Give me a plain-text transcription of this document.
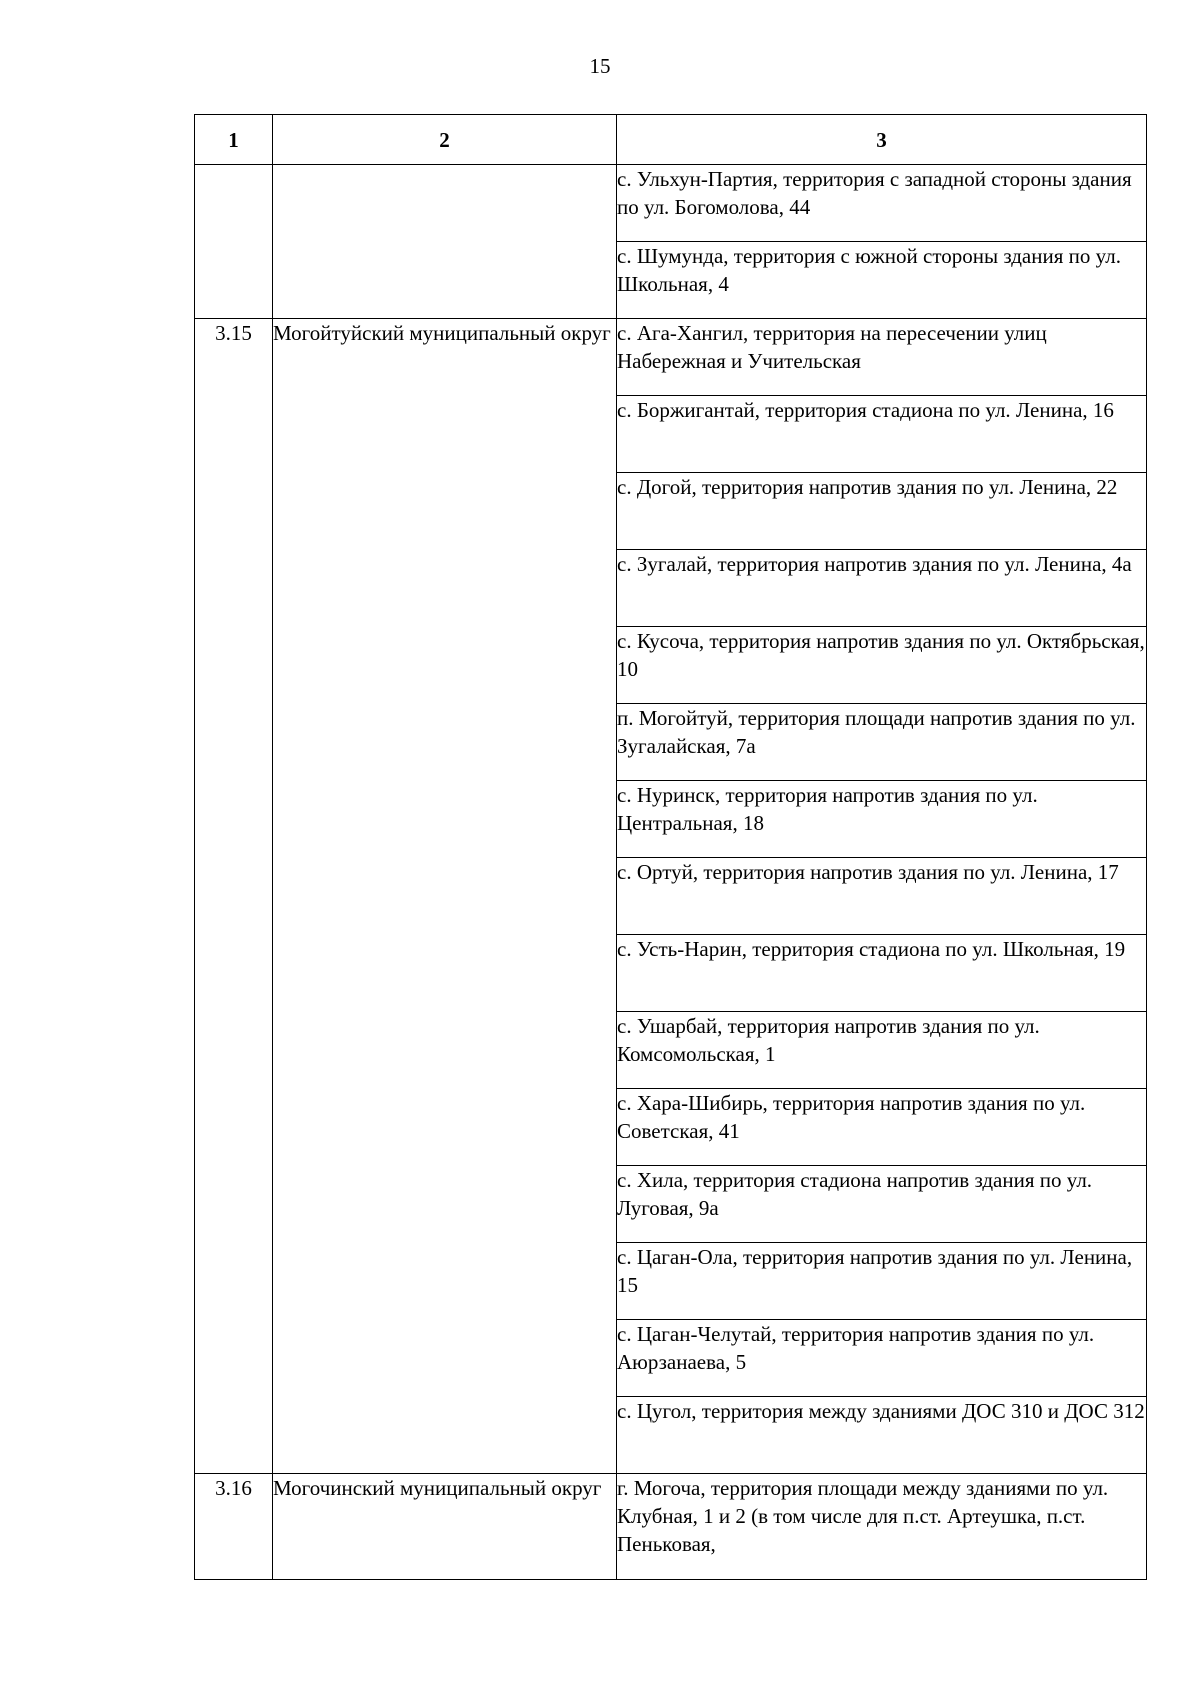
15
1	2	3
		с. Ульхун-Партия, территория с западной стороны здания по ул. Богомолова, 44
		с. Шумунда, территория с южной стороны здания по ул. Школьная, 4
3.15	Могойтуйский муниципальный округ	с. Ага-Хангил, территория на пересечении улиц Набережная и Учительская
		с. Боржигантай, территория стадиона по ул. Ленина, 16
		с. Догой, территория напротив здания по ул. Ленина, 22
		с. Зугалай, территория напротив здания по ул. Ленина, 4а
		с. Кусоча, территория напротив здания по ул. Октябрьская, 10
		п. Могойтуй, территория площади напротив здания по ул. Зугалайская, 7а
		с. Нуринск, территория напротив здания по ул. Центральная, 18
		с. Ортуй, территория напротив здания по ул. Ленина, 17
		с. Усть-Нарин, территория стадиона по ул. Школьная, 19
		с. Ушарбай, территория напротив здания по ул. Комсомольская, 1
		с. Хара-Шибирь, территория напротив здания по ул. Советская, 41
		с. Хила, территория стадиона напротив здания по ул. Луговая, 9а
		с. Цаган-Ола, территория напротив здания по ул. Ленина, 15
		с. Цаган-Челутай, территория напротив здания по ул. Аюрзанаева, 5
		с. Цугол, территория между зданиями ДОС 310 и ДОС 312
3.16	Могочинский муниципальный округ	г. Могоча, территория площади между зданиями по ул. Клубная, 1 и 2 (в том числе для п.ст. Артеушка, п.ст. Пеньковая,
